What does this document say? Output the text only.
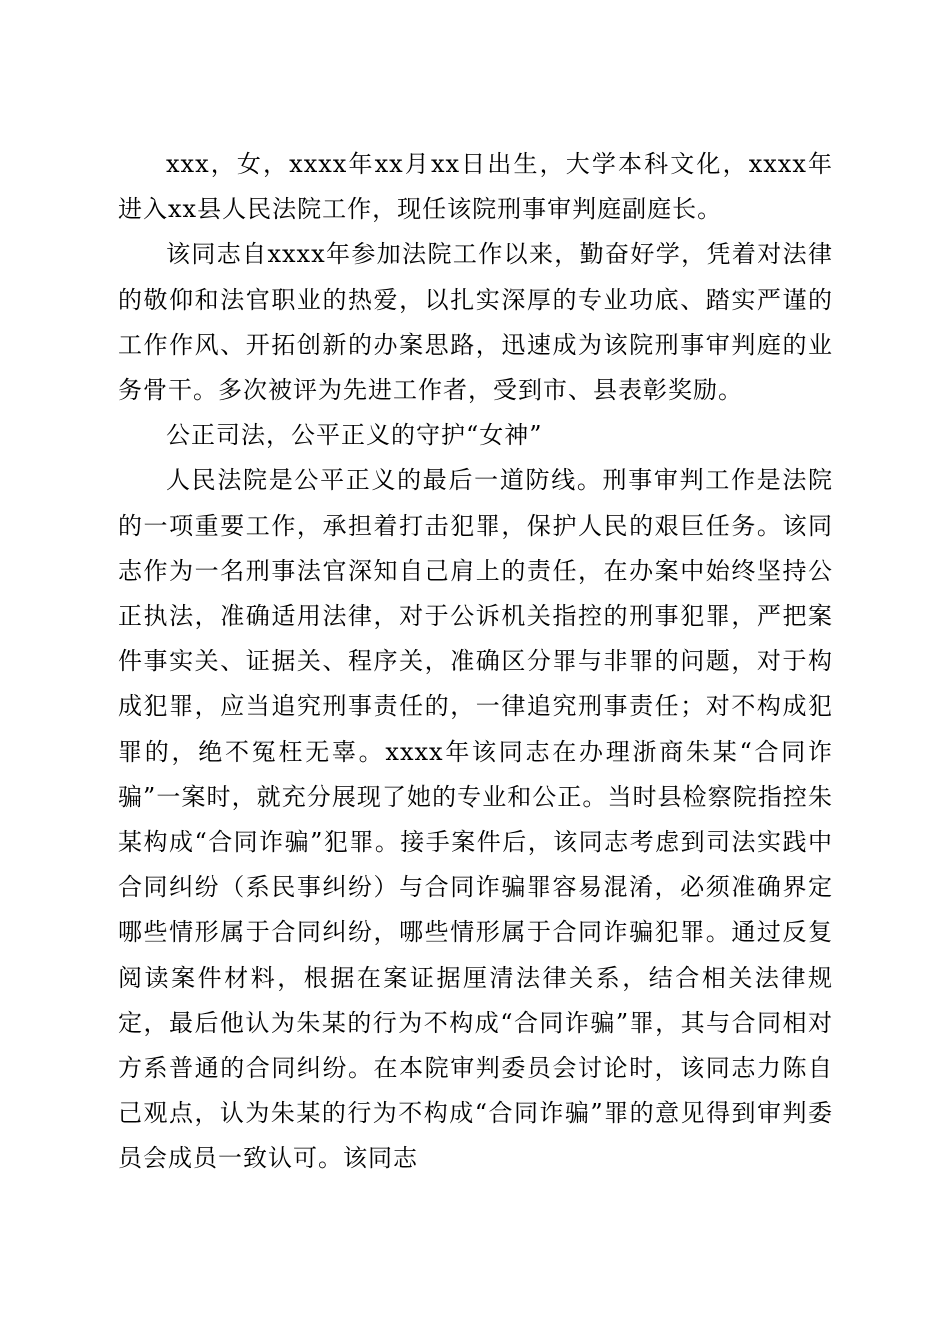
xxx，女，xxxx年xx月xx日出生，大学本科文化，xxxx年进入xx县人民法院工作，现任该院刑事审判庭副庭长。

该同志自xxxx年参加法院工作以来，勤奋好学，凭着对法律的敬仰和法官职业的热爱，以扎实深厚的专业功底、踏实严谨的工作作风、开拓创新的办案思路，迅速成为该院刑事审判庭的业务骨干。多次被评为先进工作者，受到市、县表彰奖励。

公正司法，公平正义的守护“女神”

人民法院是公平正义的最后一道防线。刑事审判工作是法院的一项重要工作，承担着打击犯罪，保护人民的艰巨任务。该同志作为一名刑事法官深知自己肩上的责任，在办案中始终坚持公正执法，准确适用法律，对于公诉机关指控的刑事犯罪，严把案件事实关、证据关、程序关，准确区分罪与非罪的问题，对于构成犯罪，应当追究刑事责任的，一律追究刑事责任；对不构成犯罪的，绝不冤枉无辜。xxxx年该同志在办理浙商朱某“合同诈骗”一案时，就充分展现了她的专业和公正。当时县检察院指控朱某构成“合同诈骗”犯罪。接手案件后，该同志考虑到司法实践中合同纠纷（系民事纠纷）与合同诈骗罪容易混淆，必须准确界定哪些情形属于合同纠纷，哪些情形属于合同诈骗犯罪。通过反复阅读案件材料，根据在案证据厘清法律关系，结合相关法律规定，最后他认为朱某的行为不构成“合同诈骗”罪，其与合同相对方系普通的合同纠纷。在本院审判委员会讨论时，该同志力陈自己观点，认为朱某的行为不构成“合同诈骗”罪的意见得到审判委员会成员一致认可。该同志
